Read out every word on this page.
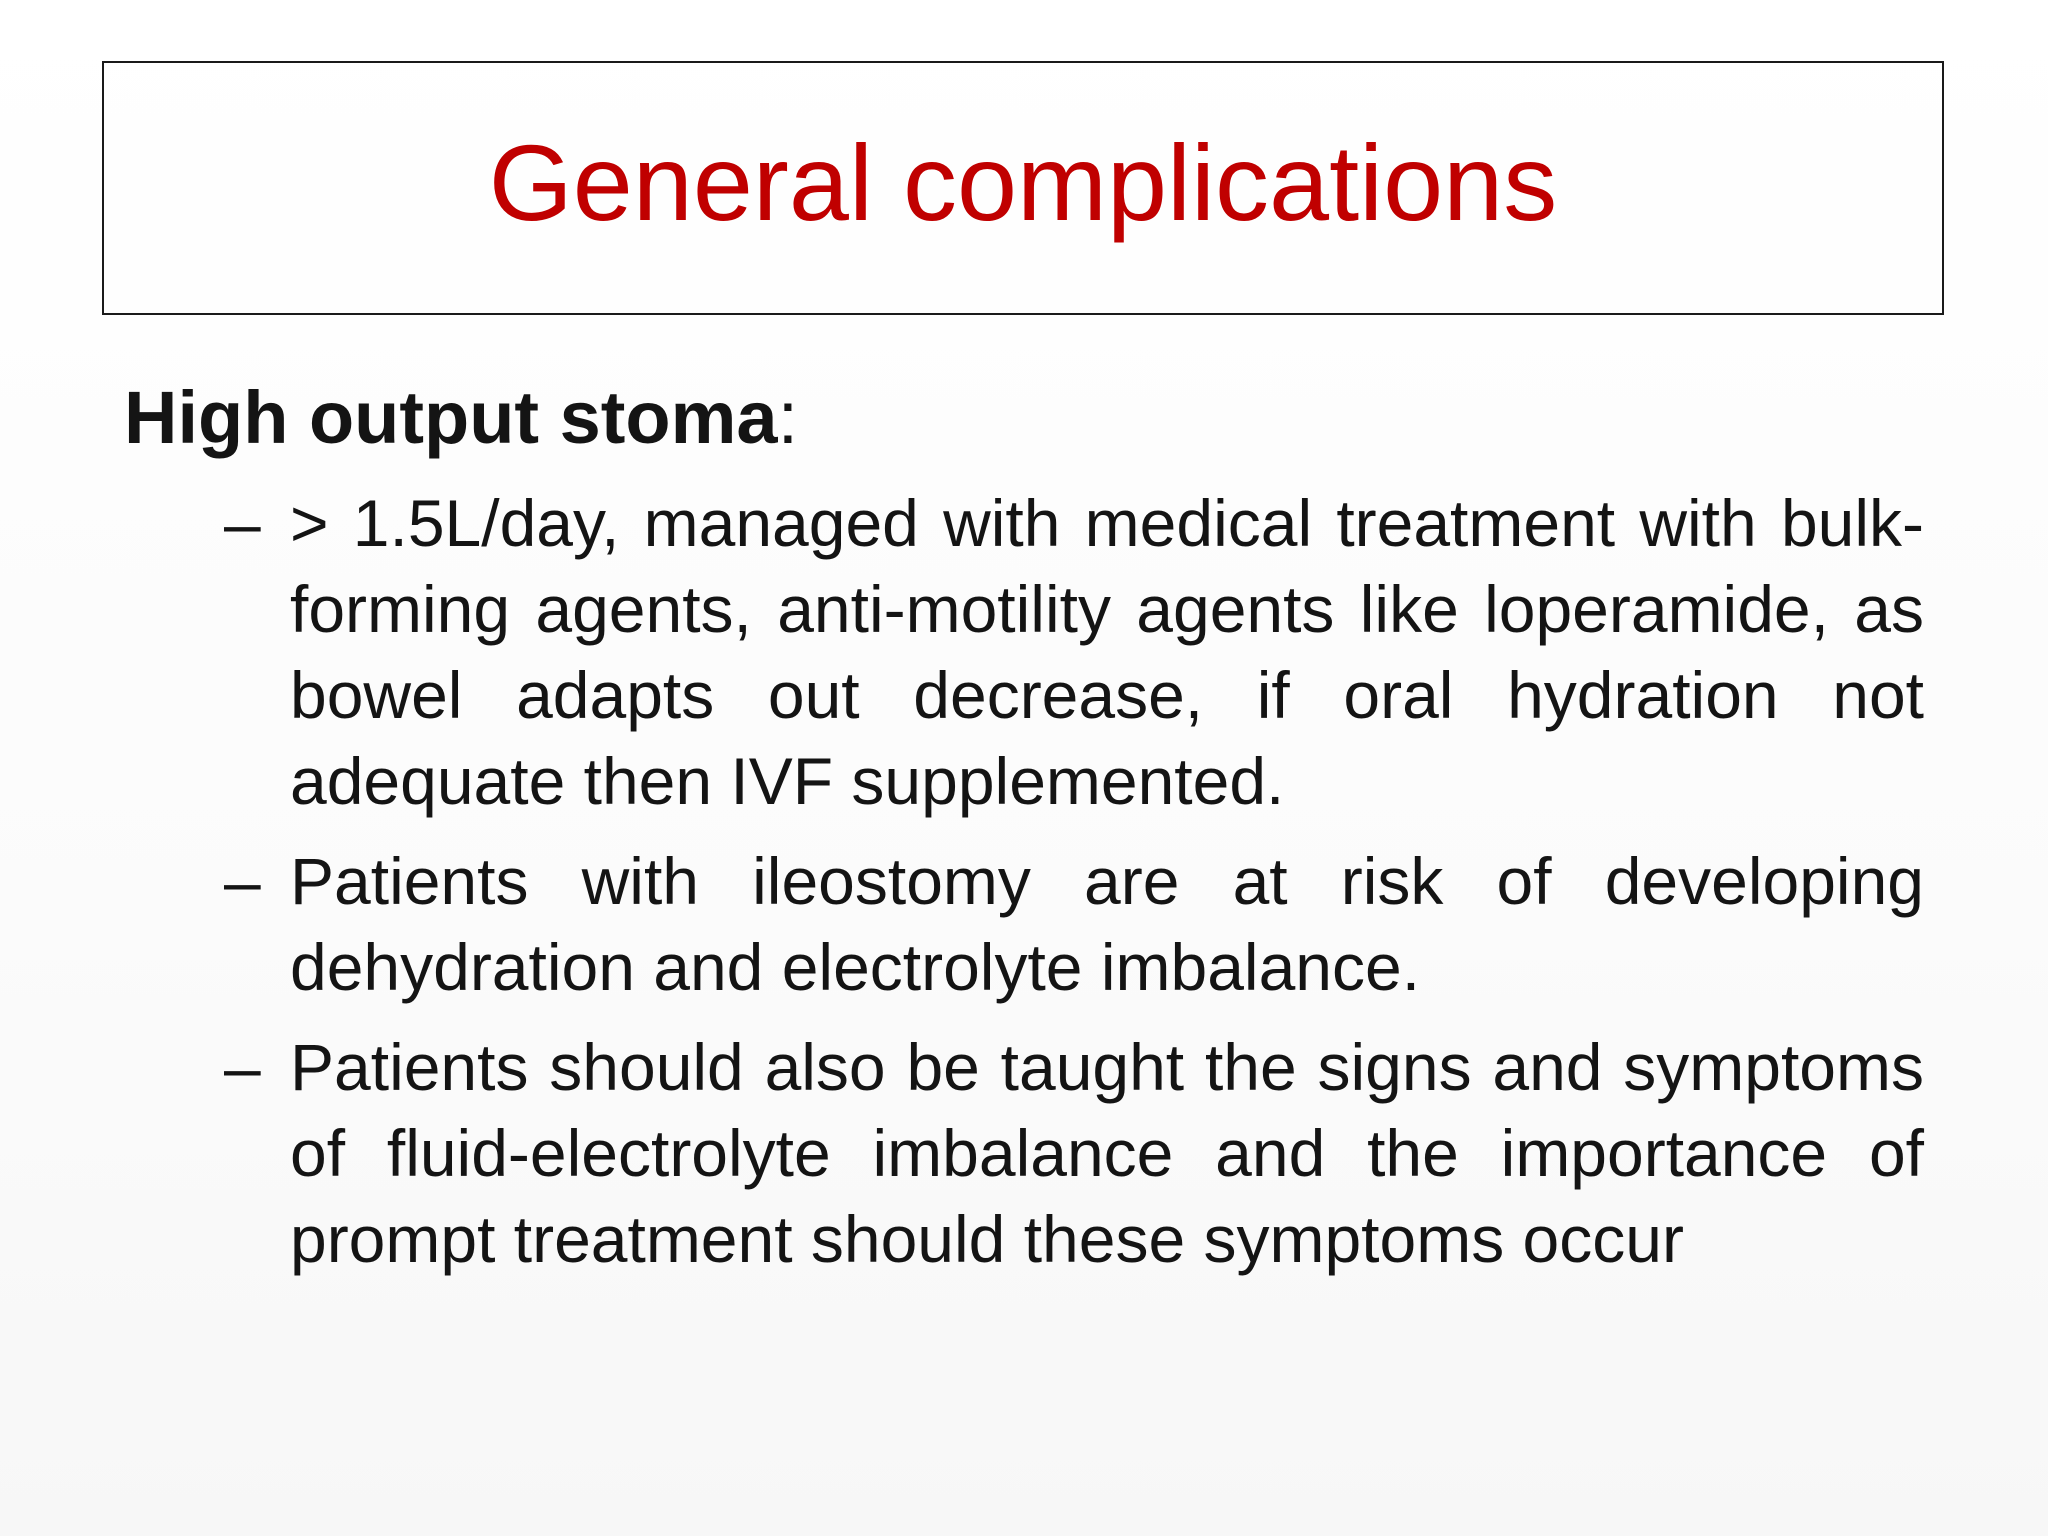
General complications
High output stoma:
– > 1.5L/day, managed with medical treatment with bulk-forming agents, anti-motility agents like loperamide, as bowel adapts out decrease, if oral hydration not adequate then IVF supplemented.
– Patients with ileostomy are at risk of developing dehydration and electrolyte imbalance.
– Patients should also be taught the signs and symptoms of fluid-electrolyte imbalance and the importance of prompt treatment should these symptoms occur
